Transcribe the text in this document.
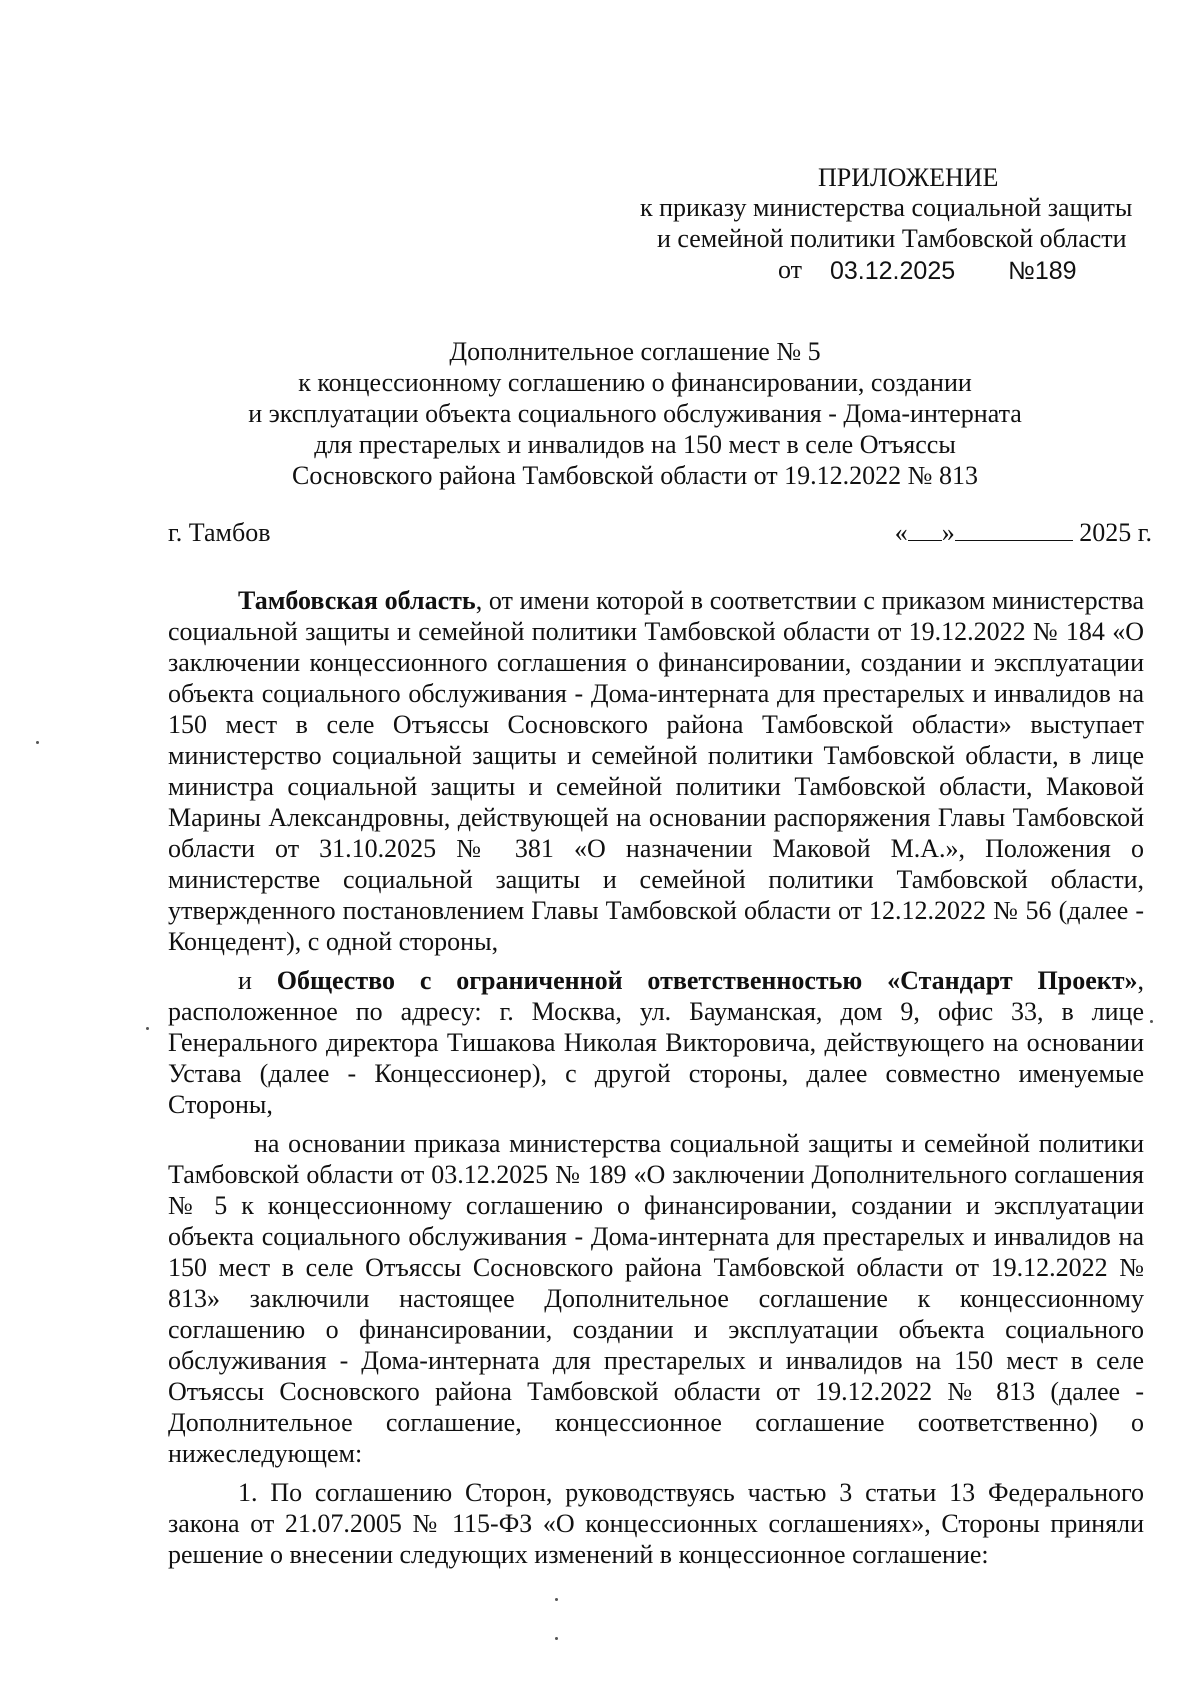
ПРИЛОЖЕНИЕ
к приказу министерства социальной защиты
и семейной политики Тамбовской области
от 03.12.2025 №189
Дополнительное соглашение № 5
к концессионному соглашению о финансировании, создании
и эксплуатации объекта социального обслуживания - Дома-интерната
для престарелых и инвалидов на 150 мест в селе Отъяссы
Сосновского района Тамбовской области от 19.12.2022 № 813
г. Тамбов	« »	2025 г.

Тамбовская область, от имени которой в соответствии с приказом министерства социальной защиты и семейной политики Тамбовской области от 19.12.2022 № 184 «О заключении концессионного соглашения о финансировании, создании и эксплуатации объекта социального обслуживания - Дома-интерната для престарелых и инвалидов на 150 мест в селе Отъяссы Сосновского района Тамбовской области» выступает министерство социальной защиты и семейной политики Тамбовской области, в лице министра социальной защиты и семейной политики Тамбовской области, Маковой Марины Александровны, действующей на основании распоряжения Главы Тамбовской области от 31.10.2025 № 381 «О назначении Маковой М.А.», Положения о министерстве социальной защиты и семейной политики Тамбовской области, утвержденного постановлением Главы Тамбовской области от 12.12.2022 № 56 (далее - Концедент), с одной стороны,

и Общество с ограниченной ответственностью «Стандарт Проект», расположенное по адресу: г. Москва, ул. Бауманская, дом 9, офис 33, в лице Генерального директора Тишакова Николая Викторовича, действующего на основании Устава (далее - Концессионер), с другой стороны, далее совместно именуемые Стороны,

на основании приказа министерства социальной защиты и семейной политики Тамбовской области от 03.12.2025 № 189 «О заключении Дополнительного соглашения № 5 к концессионному соглашению о финансировании, создании и эксплуатации объекта социального обслуживания - Дома-интерната для престарелых и инвалидов на 150 мест в селе Отъяссы Сосновского района Тамбовской области от 19.12.2022 № 813» заключили настоящее Дополнительное соглашение к концессионному соглашению о финансировании, создании и эксплуатации объекта социального обслуживания - Дома-интерната для престарелых и инвалидов на 150 мест в селе Отъяссы Сосновского района Тамбовской области от 19.12.2022 № 813 (далее - Дополнительное соглашение, концессионное соглашение соответственно) о нижеследующем:

1. По соглашению Сторон, руководствуясь частью 3 статьи 13 Федерального закона от 21.07.2005 № 115-ФЗ «О концессионных соглашениях», Стороны приняли решение о внесении следующих изменений в концессионное соглашение:
